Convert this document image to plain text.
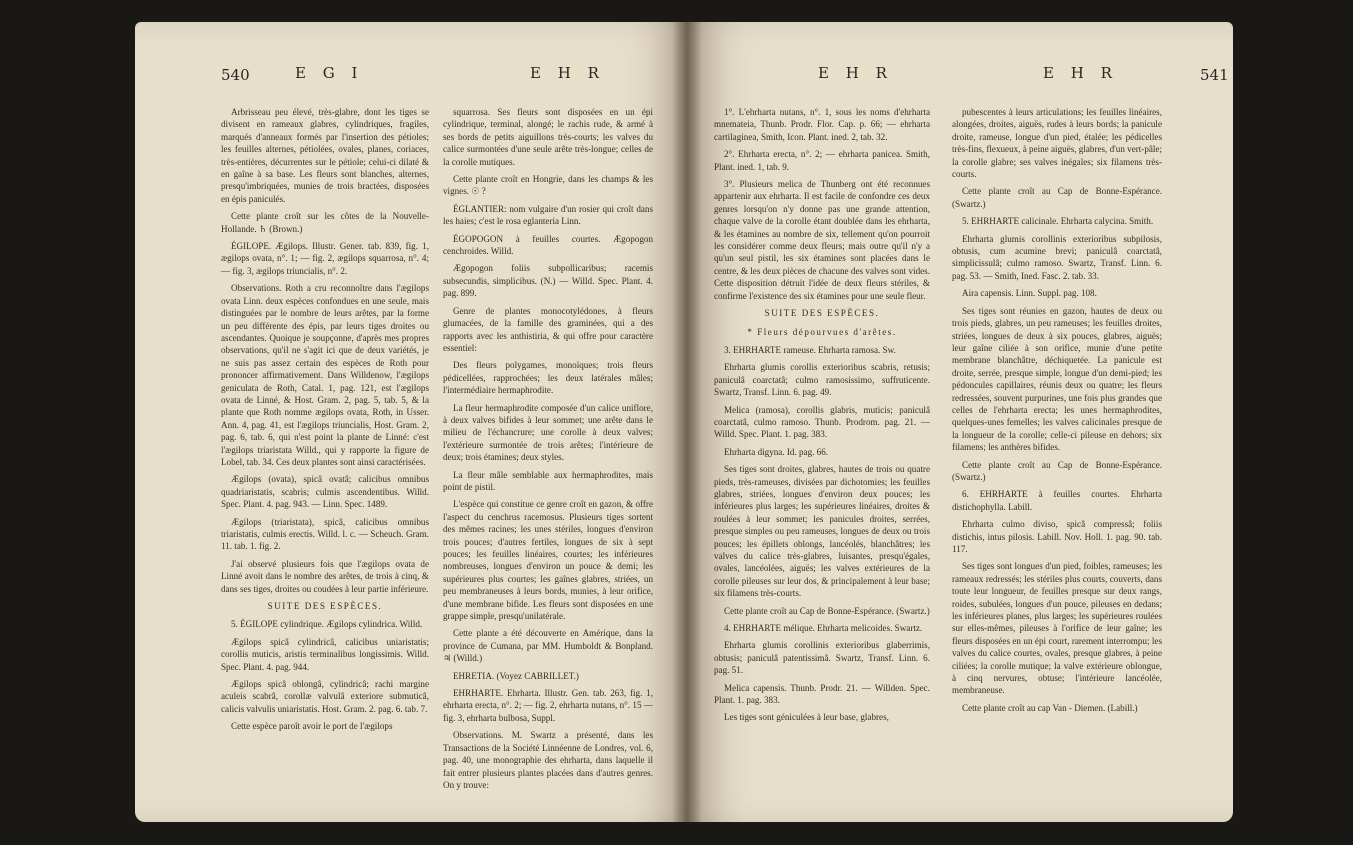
540	E G I	E H R

Arbrisseau peu élevé, très-glabre, dont les tiges se divisent en rameaux glabres, cylindriques, fragiles, marqués d'anneaux formés par l'insertion des pétioles; les feuilles alternes, pétiolées, ovales, planes, coriaces, très-entières, décurrentes sur le pétiole; celui-ci dilaté & en gaîne à sa base. Les fleurs sont blanches, alternes, presqu'imbriquées, munies de trois bractées, disposées en épis paniculés.

Cette plante croît sur les côtes de la Nouvelle-Hollande. ♄ (Brown.)

ÉGILOPE. Ægilops. Illustr. Gener. tab. 839, fig. 1, ægilops ovata, n°. 1; — fig. 2, ægilops squarrosa, n°. 4; — fig. 3, ægilops triuncialis, n°. 2.

Observations. Roth a cru reconnoître dans l'ægilops ovata Linn. deux espèces confondues en une seule, mais distinguées par le nombre de leurs arêtes, par la forme un peu différente des épis, par leurs tiges droites ou ascendantes. Quoique je soupçonne, d'après mes propres observations, qu'il ne s'agit ici que de deux variétés, je ne suis pas assez certain des espèces de Roth pour prononcer affirmativement. Dans Willdenow, l'ægilops geniculata de Roth, Catal. 1, pag. 121, est l'ægilops ovata de Linné, & Host. Gram. 2, pag. 5, tab. 5, & la plante que Roth nomme ægilops ovata, Roth, in Usser. Ann. 4, pag. 41, est l'ægilops triuncialis, Host. Gram. 2, pag. 6, tab. 6, qui n'est point la plante de Linné: c'est l'ægilops triaristata Willd., qui y rapporte la figure de Lobel, tab. 34. Ces deux plantes sont ainsi caractérisées.

Ægilops (ovata), spicâ ovatâ; calicibus omnibus quadriaristatis, scabris; culmis ascendentibus. Willd. Spec. Plant. 4. pag. 943. — Linn. Spec. 1489.

Ægilops (triaristata), spicâ, calicibus omnibus triaristatis, culmis erectis. Willd. l. c. — Scheuch. Gram. 11. tab. 1. fig. 2.

J'ai observé plusieurs fois que l'ægilops ovata de Linné avoit dans le nombre des arêtes, de trois à cinq, & dans ses tiges, droites ou coudées à leur partie inférieure.

SUITE DES ESPÈCES.

5. ÉGILOPE cylindrique. Ægilops cylindrica. Willd.

Ægilops spicâ cylindricâ, calicibus uniaristatis; corollis muticis, aristis terminalibus longissimis. Willd. Spec. Plant. 4. pag. 944.

Ægilops spicâ oblongâ, cylindricâ; rachi margine aculeis scabrâ, corollæ valvulâ exteriore submuticâ, calicis valvulis uniaristatis. Host. Gram. 2. pag. 6. tab. 7.

Cette espèce paroît avoir le port de l'ægilops

squarrosa. Ses fleurs sont disposées en un épi cylindrique, terminal, alongé; le rachis rude, & armé à ses bords de petits aiguillons très-courts; les valves du calice surmontées d'une seule arête très-longue; celles de la corolle mutiques.

Cette plante croît en Hongrie, dans les champs & les vignes. ☉ ?

ÉGLANTIER: nom vulgaire d'un rosier qui croît dans les haies; c'est le rosa eglanteria Linn.

ÉGOPOGON à feuilles courtes. Ægopogon cenchroides. Willd.

Ægopogon foliis subpollicaribus; racemis subsecundis, simplicibus. (N.) — Willd. Spec. Plant. 4. pag. 899.

Genre de plantes monocotylédones, à fleurs glumacées, de la famille des graminées, qui a des rapports avec les anthistiria, & qui offre pour caractère essentiel:

Des fleurs polygames, monoïques; trois fleurs pédicellées, rapprochées; les deux latérales mâles; l'intermédiaire hermaphrodite.

La fleur hermaphrodite composée d'un calice uniflore, à deux valves bifides à leur sommet; une arête dans le milieu de l'échancrure; une corolle à deux valves; l'extérieure surmontée de trois arêtes; l'intérieure de deux; trois étamines; deux styles.

La fleur mâle semblable aux hermaphrodites, mais point de pistil.

L'espèce qui constitue ce genre croît en gazon, & offre l'aspect du cenchrus racemosus. Plusieurs tiges sortent des mêmes racines; les unes stériles, longues d'environ trois pouces; d'autres fertiles, longues de six à sept pouces; les feuilles linéaires, courtes; les inférieures nombreuses, longues d'environ un pouce & demi; les supérieures plus courtes; les gaînes glabres, striées, un peu membraneuses à leurs bords, munies, à leur orifice, d'une membrane bifide. Les fleurs sont disposées en une grappe simple, presqu'unilatérale.

Cette plante a été découverte en Amérique, dans la province de Cumana, par MM. Humboldt & Bonpland. ♃ (Willd.)

EHRETIA. (Voyez CABRILLET.)

EHRHARTE. Ehrharta. Illustr. Gen. tab. 263, fig. 1, ehrharta erecta, n°. 2; — fig. 2, ehrharta nutans, n°. 15 — fig. 3, ehrharta bulbosa, Suppl.

Observations. M. Swartz a présenté, dans les Transactions de la Société Linnéenne de Londres, vol. 6, pag. 40, une monographie des ehrharta, dans laquelle il fait entrer plusieurs plantes placées dans d'autres genres. On y trouve:

E H R	E H R	541

1°. L'ehrharta nutans, n°. 1, sous les noms d'ehrharta mnemateia, Thunb. Prodr. Flor. Cap. p. 66; — ehrharta cartilaginea, Smith, Icon. Plant. ined. 2, tab. 32.

2°. Ehrharta erecta, n°. 2; — ehrharta panicea. Smith, Plant. ined. 1, tab. 9.

3°. Plusieurs melica de Thunberg ont été reconnues appartenir aux ehrharta. Il est facile de confondre ces deux genres lorsqu'on n'y donne pas une grande attention, chaque valve de la corolle étant doublée dans les ehrharta, & les étamines au nombre de six, tellement qu'on pourroit les considérer comme deux fleurs; mais outre qu'il n'y a qu'un seul pistil, les six étamines sont placées dans le centre, & les deux pièces de chacune des valves sont vides. Cette disposition détruit l'idée de deux fleurs stériles, & confirme l'existence des six étamines pour une seule fleur.

SUITE DES ESPÈCES.

* Fleurs dépourvues d'arêtes.

3. EHRHARTE rameuse. Ehrharta ramosa. Sw.

Ehrharta glumis corollis exterioribus scabris, retusis; paniculâ coarctatâ; culmo ramosissimo, suffruticente. Swartz, Transf. Linn. 6. pag. 49.

Melica (ramosa), corollis glabris, muticis; paniculâ coarctatâ, culmo ramoso. Thunb. Prodrom. pag. 21. — Willd. Spec. Plant. 1. pag. 383.

Ehrharta digyna. Id. pag. 66.

Ses tiges sont droites, glabres, hautes de trois ou quatre pieds, très-rameuses, divisées par dichotomies; les feuilles glabres, striées, longues d'environ deux pouces; les inférieures plus larges; les supérieures linéaires, droites & roulées à leur sommet; les panicules droites, serrées, presque simples ou peu rameuses, longues de deux ou trois pouces; les épillets oblongs, lancéolés, blanchâtres; les valves du calice très-glabres, luisantes, presqu'égales, ovales, lancéolées, aiguës; les valves extérieures de la corolle pileuses sur leur dos, & principalement à leur base; six filamens très-courts.

Cette plante croît au Cap de Bonne-Espérance. (Swartz.)

4. EHRHARTE mélique. Ehrharta melicoides. Swartz.

Ehrharta glumis corollinis exterioribus glaberrimis, obtusis; paniculâ patentissimâ. Swartz, Transf. Linn. 6. pag. 51.

Melica capensis. Thunb. Prodr. 21. — Willden. Spec. Plant. 1. pag. 383.

Les tiges sont géniculées à leur base, glabres,

pubescentes à leurs articulations; les feuilles linéaires, alongées, droites, aiguës, rudes à leurs bords; la panicule droite, rameuse, longue d'un pied, étalée; les pédicelles très-fins, flexueux, à peine aiguës, glabres, d'un vert-pâle; la corolle glabre; ses valves inégales; six filamens très-courts.

Cette plante croît au Cap de Bonne-Espérance. (Swartz.)

5. EHRHARTE calicinale. Ehrharta calycina. Smith.

Ehrharta glumis corollinis exterioribus subpilosis, obtusis, cum acumine brevi; paniculâ coarctatâ, simplicissulâ; culmo ramoso. Swartz, Transf. Linn. 6. pag. 53. — Smith, Ined. Fasc. 2. tab. 33.

Aira capensis. Linn. Suppl. pag. 108.

Ses tiges sont réunies en gazon, hautes de deux ou trois pieds, glabres, un peu rameuses; les feuilles droites, striées, longues de deux à six pouces, glabres, aiguës; leur gaîne ciliée à son orifice, munie d'une petite membrane blanchâtre, déchiquetée. La panicule est droite, serrée, presque simple, longue d'un demi-pied; les pédoncules capillaires, réunis deux ou quatre; les fleurs redressées, souvent purpurines, une fois plus grandes que celles de l'ehrharta erecta; les unes hermaphrodites, quelques-unes femelles; les valves calicinales presque de la longueur de la corolle; celle-ci pileuse en dehors; six filamens; les anthères bifides.

Cette plante croît au Cap de Bonne-Espérance. (Swartz.)

6. EHRHARTE à feuilles courtes. Ehrharta distichophylla. Labill.

Ehrharta culmo diviso, spicâ compressâ; foliis distichis, intus pilosis. Labill. Nov. Holl. 1. pag. 90. tab. 117.

Ses tiges sont longues d'un pied, foibles, rameuses; les rameaux redressés; les stériles plus courts, couverts, dans toute leur longueur, de feuilles presque sur deux rangs, roides, subulées, longues d'un pouce, pileuses en dedans; les inférieures planes, plus larges; les supérieures roulées sur elles-mêmes, pileuses à l'orifice de leur gaîne; les fleurs disposées en un épi court, rarement interrompu; les valves du calice courtes, ovales, presque glabres, à peine ciliées; la corolle mutique; la valve extérieure oblongue, à cinq nervures, obtuse; l'intérieure lancéolée, membraneuse.

Cette plante croît au cap Van - Diemen. (Labill.)
